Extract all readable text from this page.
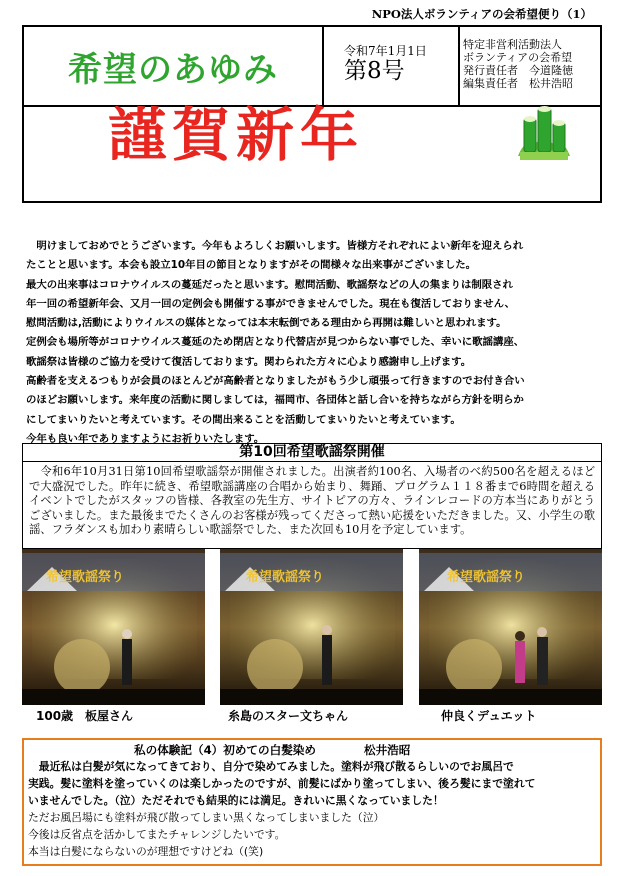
NPO法人ボランティアの会希望便り（1）
希望のあゆみ	令和7年1月1日
第8号
特定非営利活動法人
ボランティアの会希望
発行責任者　今道隆徳
編集責任者　松井浩昭
謹賀新年
　明けましておめでとうございます。今年もよろしくお願いします。皆様方それぞれによい新年を迎えられ
たことと思います。本会も設立10年目の節目となりますがその間様々な出来事がございました。
最大の出来事はコロナウイルスの蔓延だったと思います。慰問活動、歌謡祭などの人の集まりは制限され
年一回の希望新年会、又月一回の定例会も開催する事ができませんでした。現在も復活しておりません、
慰問活動は,活動によりウイルスの媒体となっては本末転倒である理由から再開は難しいと思われます。
定例会も場所等がコロナウイルス蔓延のため閉店となり代替店が見つからない事でした、幸いに歌謡講座、
歌謡祭は皆様のご協力を受けて復活しております。関わられた方々に心より感謝申し上げます。
高齢者を支えるつもりが会員のほとんどが高齢者となりましたがもう少し頑張って行きますのでお付き合い
のほどお願いします。来年度の活動に関しましては，福岡市、各団体と話し合いを持ちながら方針を明らか
にしてまいりたいと考えています。その間出来ることを活動してまいりたいと考えています。
今年も良い年でありますようにお祈りいたします。
第10回希望歌謡祭開催

　令和6年10月31日第10回希望歌謡祭が開催されました。出演者約100名、入場者のべ約500名を超えるほどで大盛況でした。昨年に続き、希望歌謡講座の合唱から始まり、舞踊、プログラム１１８番まで6時間を超えるイベントでしたがスタッフの皆様、各教室の先生方、サイトピアの方々、ラインレコードの方本当にありがとうございました。また最後までたくさんのお客様が残ってくださって熱い応援をいただきました。又、小学生の歌謡、フラダンスも加わり素晴らしい歌謡祭でした、また次回も10月を予定しています。

希望歌謡祭り	希望歌謡祭り	希望歌謡祭り
100歳　板屋さん	糸島のスター文ちゃん	仲良くデュエット
私の体験記（4）初めての白髪染め	松井浩昭
　最近私は白髪が気になってきており、自分で染めてみました。塗料が飛び散るらしいのでお風呂で
実践。髪に塗料を塗っていくのは楽しかったのですが、前髪にばかり塗ってしまい、後ろ髪にまで塗れて
いませんでした。（泣）ただそれでも結果的には満足。きれいに黒くなっていました！
ただお風呂場にも塗料が飛び散ってしまい黒くなってしまいました（泣）
今後は反省点を活かしてまたチャレンジしたいです。
本当は白髪にならないのが理想ですけどね（(笑)
